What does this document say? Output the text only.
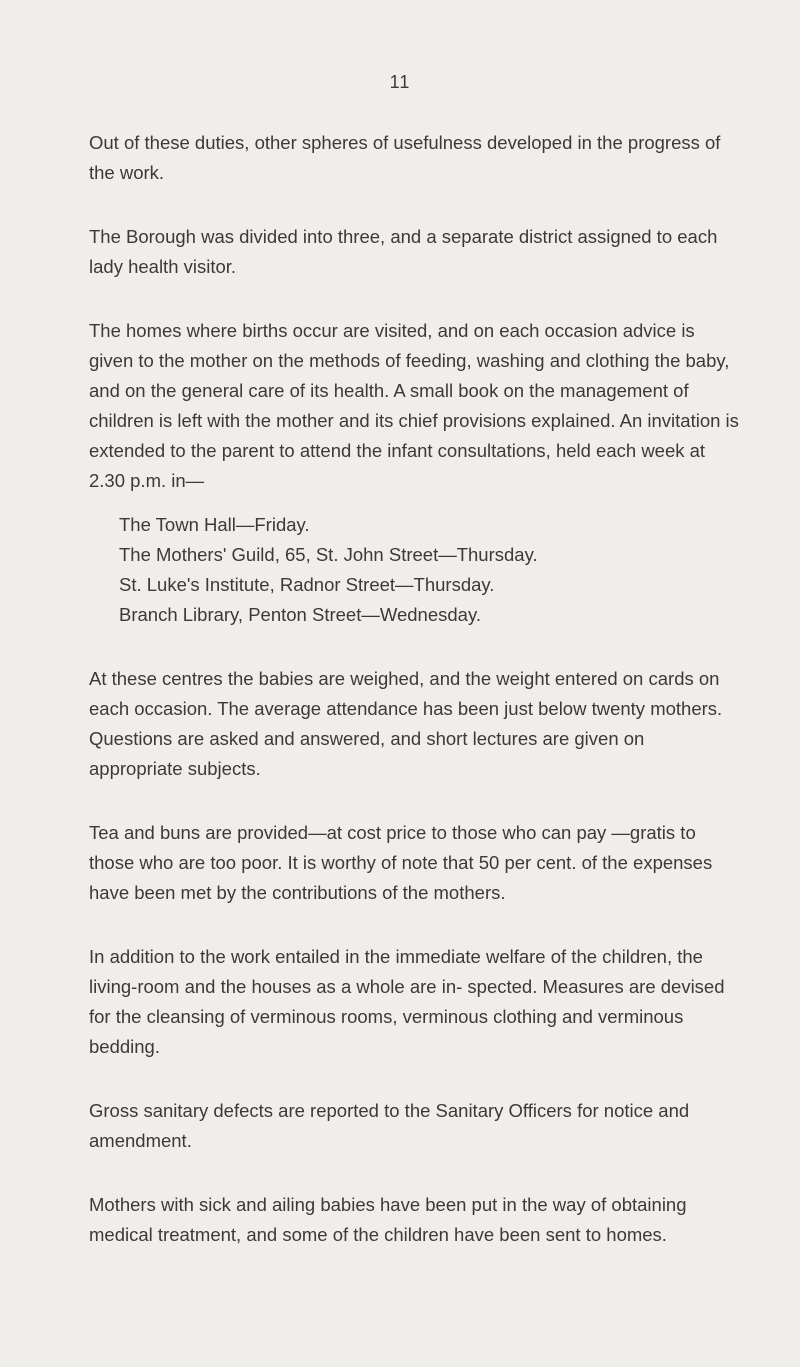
11

Out of these duties, other spheres of usefulness developed in the progress of the work.

The Borough was divided into three, and a separate district assigned to each lady health visitor.

The homes where births occur are visited, and on each occasion advice is given to the mother on the methods of feeding, washing and clothing the baby, and on the general care of its health. A small book on the management of children is left with the mother and its chief provisions explained. An invitation is extended to the parent to attend the infant consultations, held each week at 2.30 p.m. in—

The Town Hall—Friday.
The Mothers' Guild, 65, St. John Street—Thursday.
St. Luke's Institute, Radnor Street—Thursday.
Branch Library, Penton Street—Wednesday.

At these centres the babies are weighed, and the weight entered on cards on each occasion. The average attendance has been just below twenty mothers. Questions are asked and answered, and short lectures are given on appropriate subjects.

Tea and buns are provided—at cost price to those who can pay —gratis to those who are too poor. It is worthy of note that 50 per cent. of the expenses have been met by the contributions of the mothers.

In addition to the work entailed in the immediate welfare of the children, the living-room and the houses as a whole are in- spected. Measures are devised for the cleansing of verminous rooms, verminous clothing and verminous bedding.

Gross sanitary defects are reported to the Sanitary Officers for notice and amendment.

Mothers with sick and ailing babies have been put in the way of obtaining medical treatment, and some of the children have been sent to homes.
